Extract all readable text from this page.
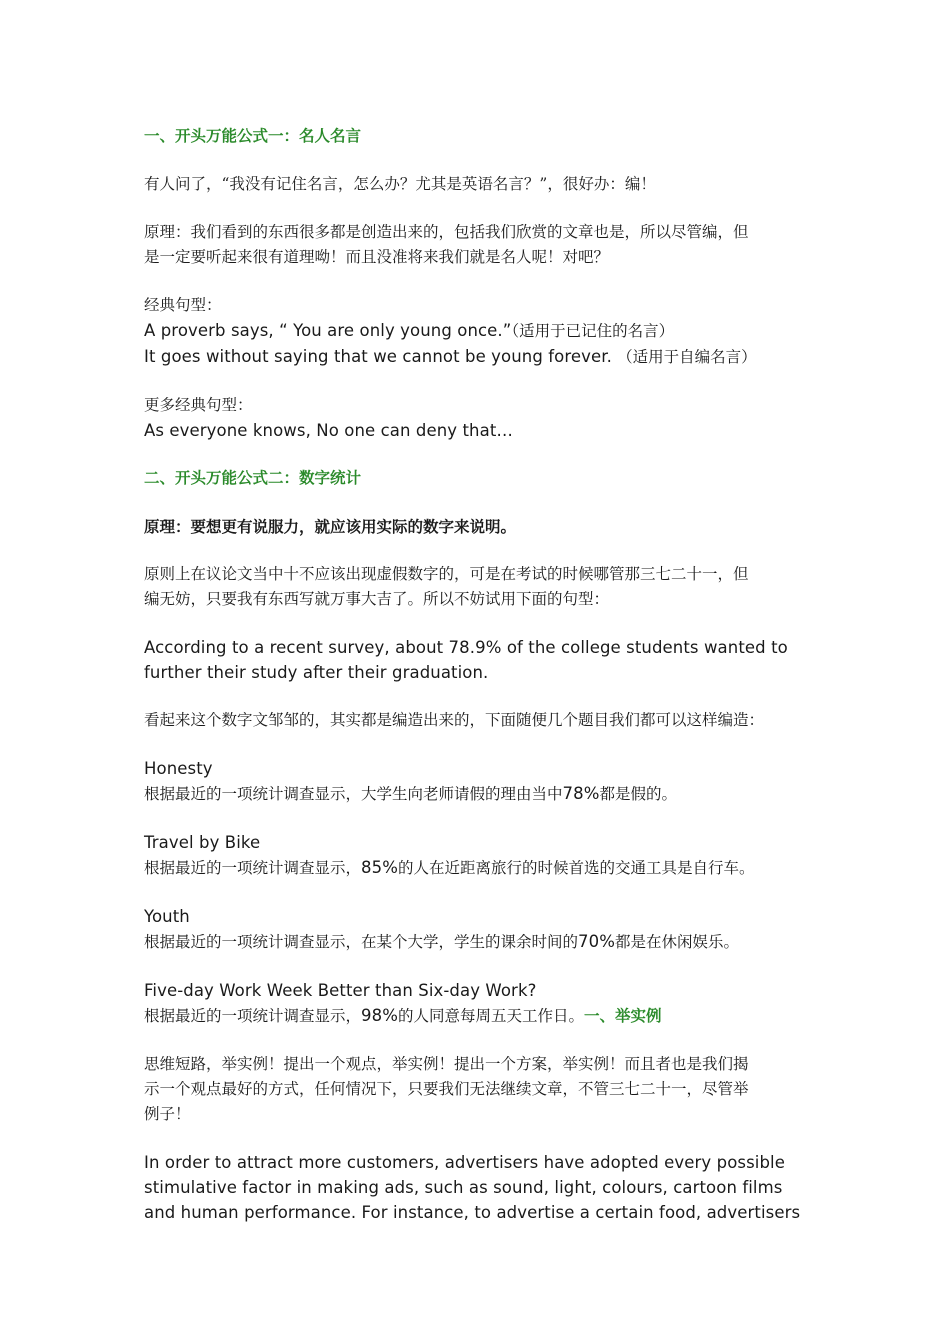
一、开头万能公式一：名人名言

有人问了，“我没有记住名言，怎么办？尤其是英语名言？”，很好办：编！

原理：我们看到的东西很多都是创造出来的，包括我们欣赏的文章也是，所以尽管编，但

是一定要听起来很有道理呦！而且没准将来我们就是名人呢！对吧？

经典句型：

A proverb says, “ You are only young once.”（适用于已记住的名言）

It goes without saying that we cannot be young forever. （适用于自编名言）

更多经典句型：

As everyone knows, No one can deny that…

二、开头万能公式二：数字统计

原理：要想更有说服力，就应该用实际的数字来说明。

原则上在议论文当中十不应该出现虚假数字的，可是在考试的时候哪管那三七二十一，但

编无妨，只要我有东西写就万事大吉了。所以不妨试用下面的句型：

According to a recent survey, about 78.9% of the college students wanted to

further their study after their graduation.

看起来这个数字文邹邹的，其实都是编造出来的，下面随便几个题目我们都可以这样编造：

Honesty

根据最近的一项统计调查显示，大学生向老师请假的理由当中78%都是假的。

Travel by Bike

根据最近的一项统计调查显示，85%的人在近距离旅行的时候首选的交通工具是自行车。

Youth

根据最近的一项统计调查显示，在某个大学，学生的课余时间的70%都是在休闲娱乐。

Five-day Work Week Better than Six-day Work?

根据最近的一项统计调查显示，98%的人同意每周五天工作日。一、举实例

思维短路，举实例！提出一个观点，举实例！提出一个方案，举实例！而且者也是我们揭

示一个观点最好的方式，任何情况下，只要我们无法继续文章，不管三七二十一，尽管举

例子！

In order to attract more customers, advertisers have adopted every possible

stimulative factor in making ads, such as sound, light, colours, cartoon films

and human performance. For instance, to advertise a certain food, advertisers
